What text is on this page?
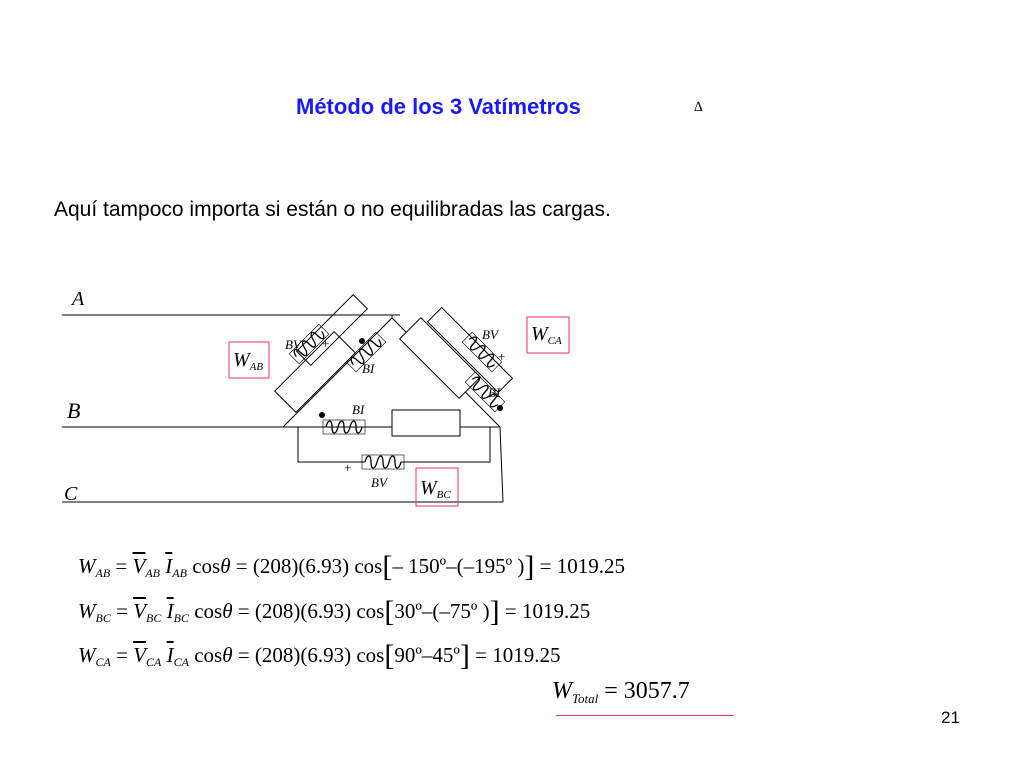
Método de los 3 Vatímetros	∆
Aquí tampoco importa si están o no equilibradas las cargas.
A
B
C
BV +
BI
BV
+
BI
BI
+
BV
$W_{AB}$
$W_{CA}$
$W_{BC}$
$W_{AB} = \overline{V}_{AB}$ $\overline{I}_{AB}$ cosθ = (208)(6.93) cos[– 150º–(–195º )] = 1019.25
$W_{BC} = \overline{V}_{BC}$ $\overline{I}_{BC}$ cosθ = (208)(6.93) cos[30º–(–75º )] = 1019.25
$W_{CA} = \overline{V}_{CA}$ $\overline{I}_{CA}$ cosθ = (208)(6.93) cos[90º–45º] = 1019.25
$W_{Total} = 3057.7$
21
